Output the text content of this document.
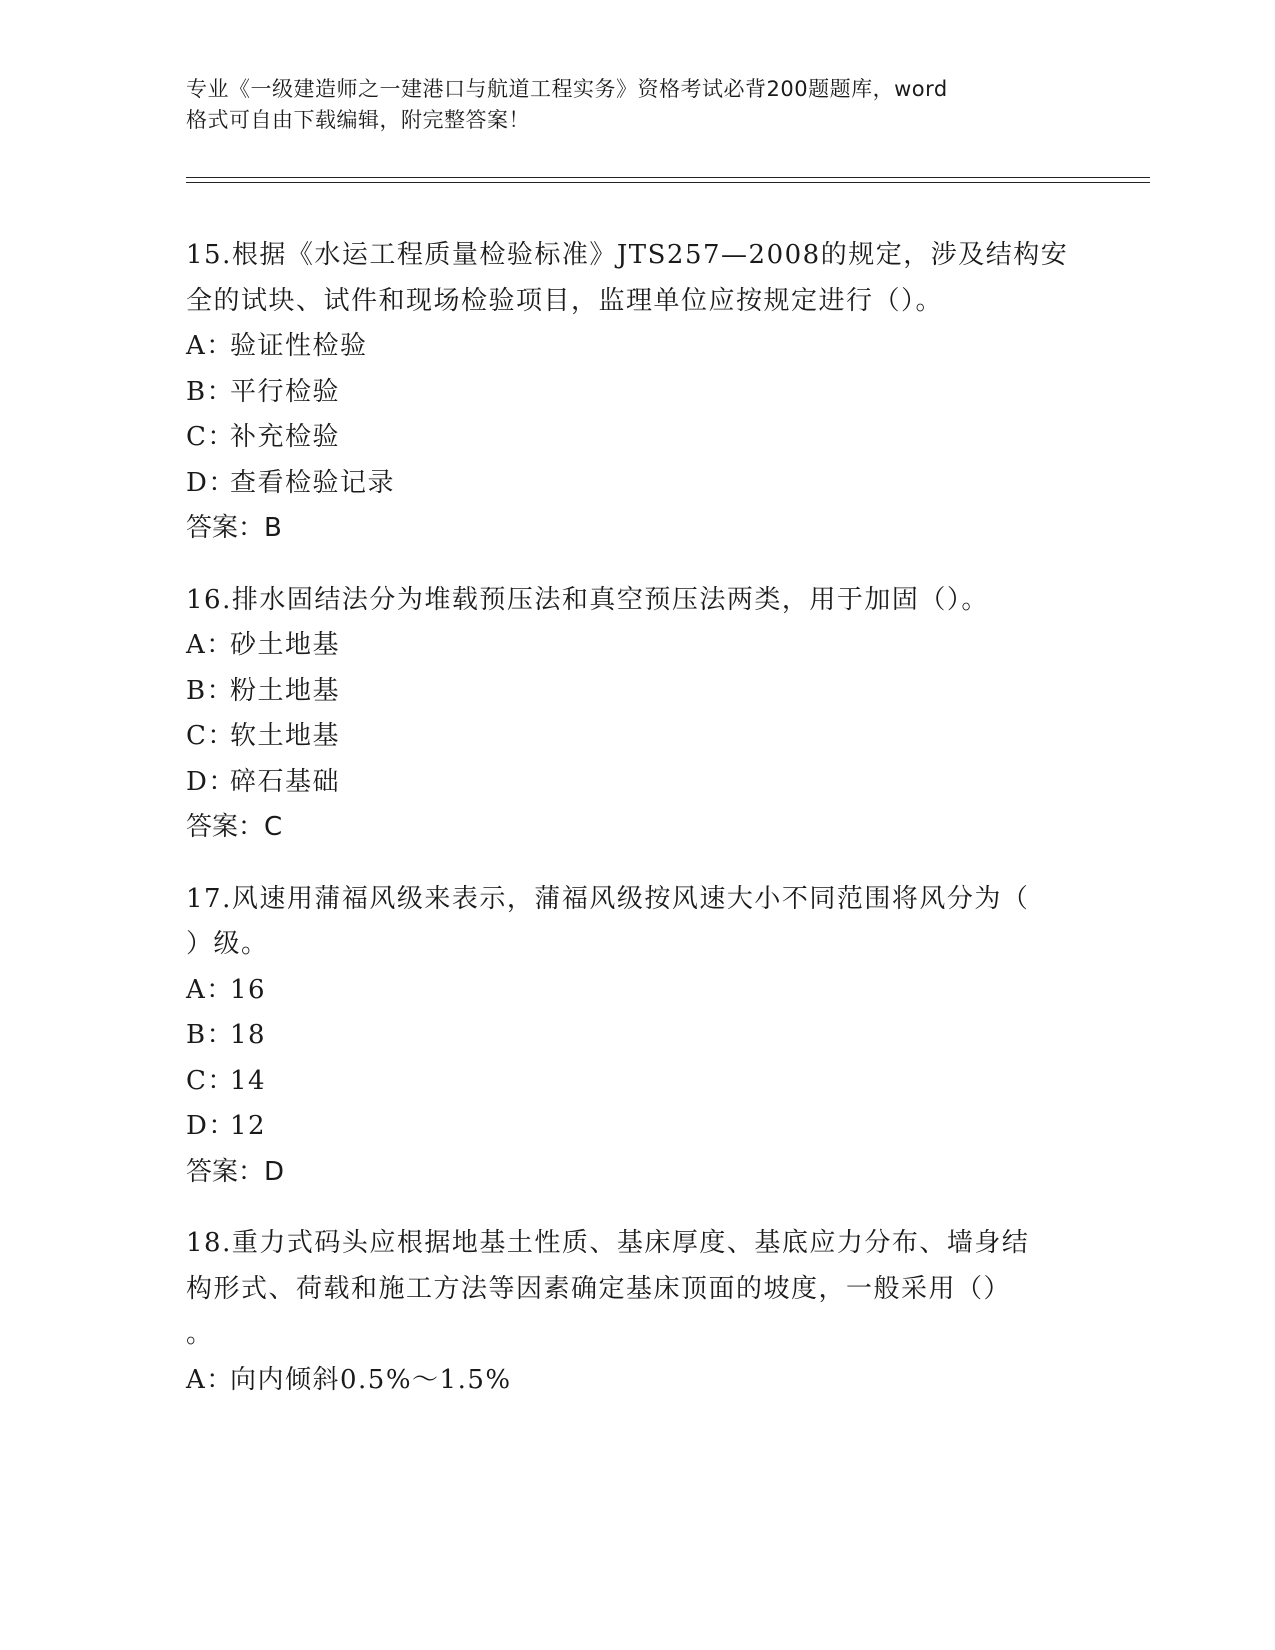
专业《一级建造师之一建港口与航道工程实务》资格考试必背200题题库，word
格式可自由下载编辑，附完整答案！
15.根据《水运工程质量检验标准》JTS257—2008的规定，涉及结构安
全的试块、试件和现场检验项目，监理单位应按规定进行（）。
A：验证性检验
B：平行检验
C：补充检验
D：查看检验记录
答案：B
16.排水固结法分为堆载预压法和真空预压法两类，用于加固（）。
A：砂土地基
B：粉土地基
C：软土地基
D：碎石基础
答案：C
17.风速用蒲福风级来表示，蒲福风级按风速大小不同范围将风分为（
）级。
A：16
B：18
C：14
D：12
答案：D
18.重力式码头应根据地基土性质、基床厚度、基底应力分布、墙身结
构形式、荷载和施工方法等因素确定基床顶面的坡度，一般采用（）
。
A：向内倾斜0.5%～1.5%
